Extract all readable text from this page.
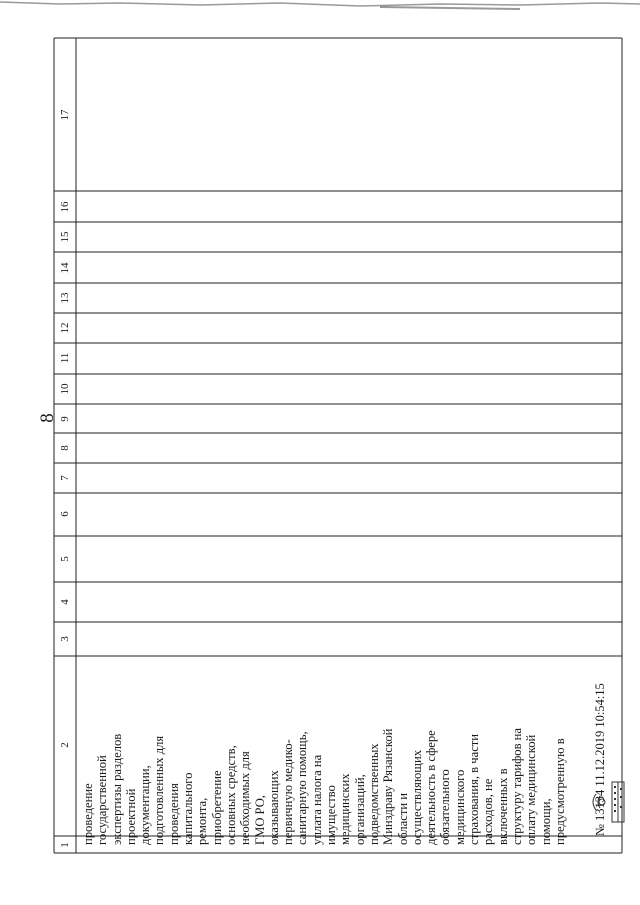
8
1
2
3
4
5
6
7
8
9
10
11
12
13
14
15
16
17
проведение государственной экспертизы разделов проектной документации, подготовленных для проведения капитального ремонта, приобретение основных средств, необходимых для ГМО РО, оказывающих первичную медико- санитарную помощь, уплата налога на имущество медицинских организаций, подведомственных Минздраву Рязанской области и осуществляющих деятельность в сфере обязательного медицинского страхования, в части расходов, не включенных в структуру тарифов на оплату медицинской помощи, предусмотренную в № 13134 11.12.2019 10:54:15
